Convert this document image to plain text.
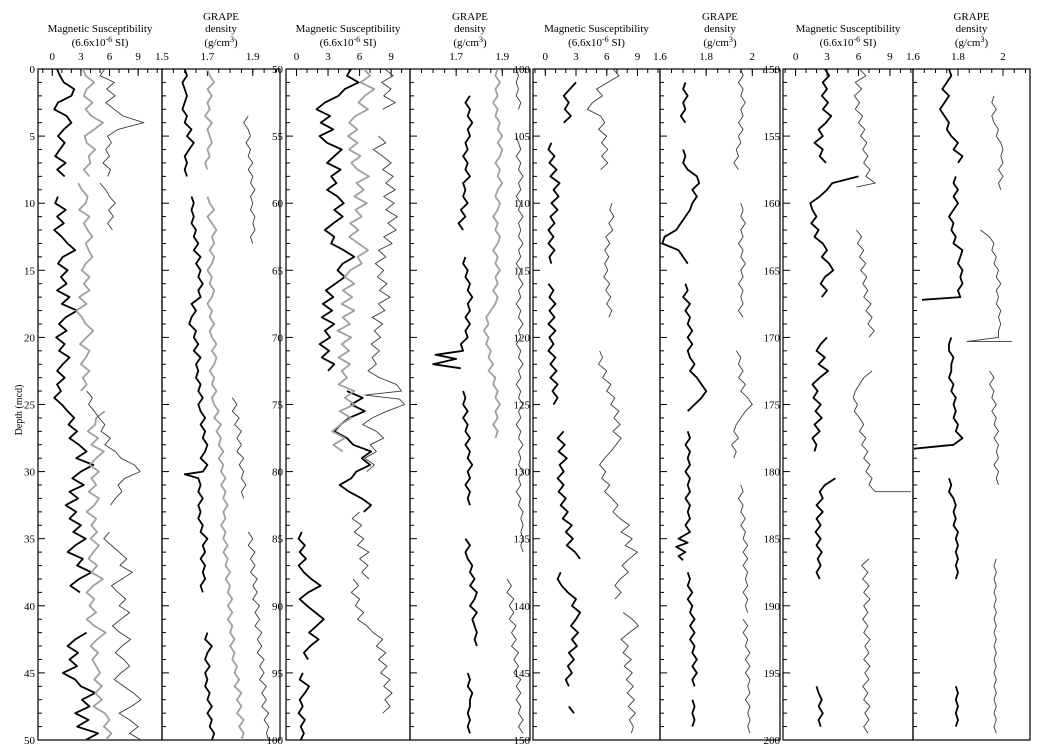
Depth (mcd)
Magnetic Susceptibility
($6.6x10^{-6}$ SI)
0 3 6 9
0
5
10
15
20
25
30
35
40
45
50
GRAPE
density
$(g/cm^3)$
1.5	1.7	1.9
Magnetic Susceptibility
($6.6x10^{-6}$ SI)
0 3 6 9
50
55
60
65
70
75
80
85
90
95
100
GRAPE
density
$(g/cm^3)$
1.7	1.9
Magnetic Susceptibility
($6.6x10^{-6}$ SI)
0 3 6 9
100
105
110
115
120
125
130
135
140
145
150
GRAPE
density
$(g/cm^3)$
1.6	1.8	2
Magnetic Susceptibility
($6.6x10^{-6}$ SI)
0 3 6 9
150
155
160
165
170
175
180
185
190
195
200
GRAPE
density
$(g/cm^3)$
1.6	1.8	2
